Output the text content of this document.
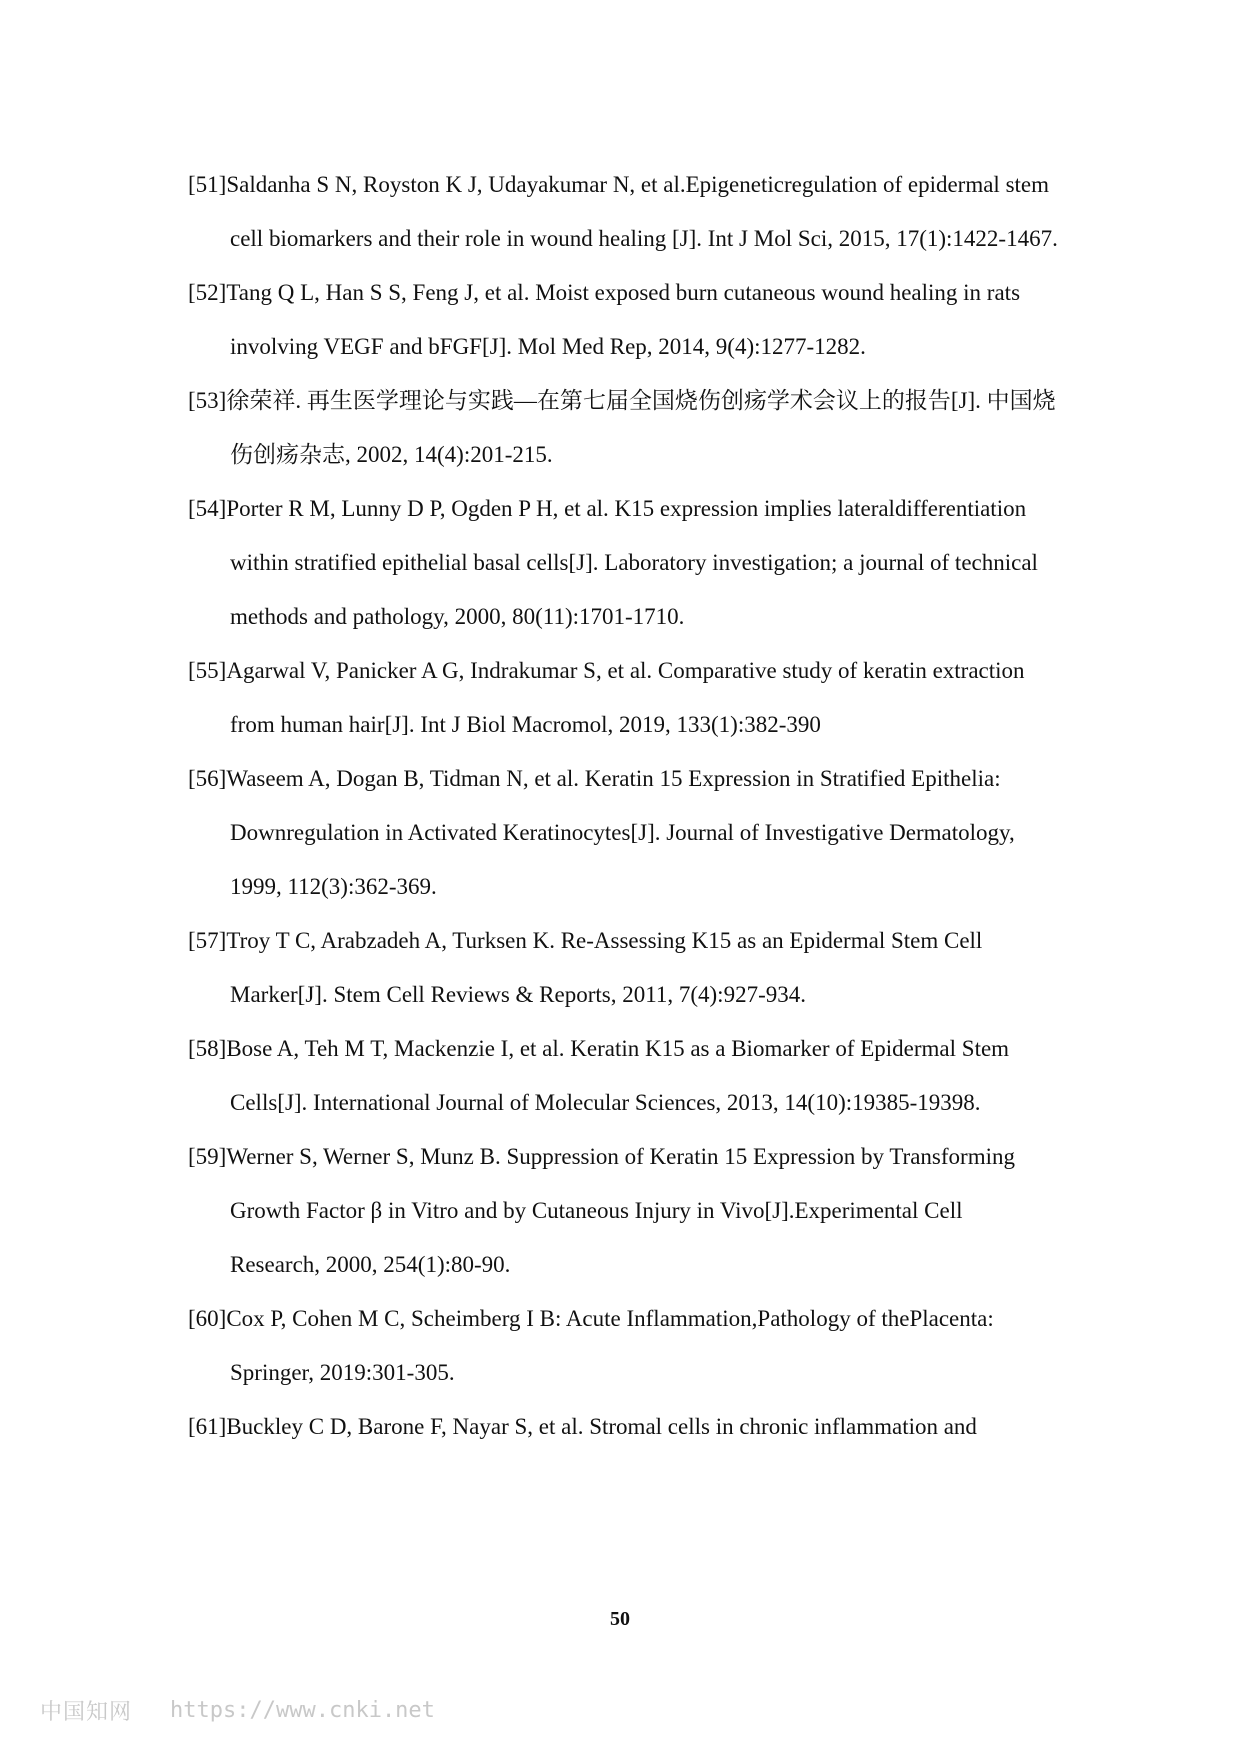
[51]Saldanha S N, Royston K J, Udayakumar N, et al.Epigeneticregulation of epidermal stem cell biomarkers and their role in wound healing [J]. Int J Mol Sci, 2015, 17(1):1422-1467.
[52]Tang Q L, Han S S, Feng J, et al. Moist exposed burn cutaneous wound healing in rats involving VEGF and bFGF[J]. Mol Med Rep, 2014, 9(4):1277-1282.
[53]徐荣祥. 再生医学理论与实践—在第七届全国烧伤创疡学术会议上的报告[J]. 中国烧伤创疡杂志, 2002, 14(4):201-215.
[54]Porter R M, Lunny D P, Ogden P H, et al. K15 expression implies lateraldifferentiation within stratified epithelial basal cells[J]. Laboratory investigation; a journal of technical methods and pathology, 2000, 80(11):1701-1710.
[55]Agarwal V, Panicker A G, Indrakumar S, et al. Comparative study of keratin extraction from human hair[J]. Int J Biol Macromol, 2019, 133(1):382-390
[56]Waseem A, Dogan B, Tidman N, et al. Keratin 15 Expression in Stratified Epithelia: Downregulation in Activated Keratinocytes[J]. Journal of Investigative Dermatology, 1999, 112(3):362-369.
[57]Troy T C, Arabzadeh A, Turksen K. Re-Assessing K15 as an Epidermal Stem Cell Marker[J]. Stem Cell Reviews & Reports, 2011, 7(4):927-934.
[58]Bose A, Teh M T, Mackenzie I, et al. Keratin K15 as a Biomarker of Epidermal Stem Cells[J]. International Journal of Molecular Sciences, 2013, 14(10):19385-19398.
[59]Werner S, Werner S, Munz B. Suppression of Keratin 15 Expression by Transforming Growth Factor β in Vitro and by Cutaneous Injury in Vivo[J].Experimental Cell Research, 2000, 254(1):80-90.
[60]Cox P, Cohen M C, Scheimberg I B: Acute Inflammation,Pathology of thePlacenta: Springer, 2019:301-305.
[61]Buckley C D, Barone F, Nayar S, et al. Stromal cells in chronic inflammation and
50
中国知网 https://www.cnki.net
